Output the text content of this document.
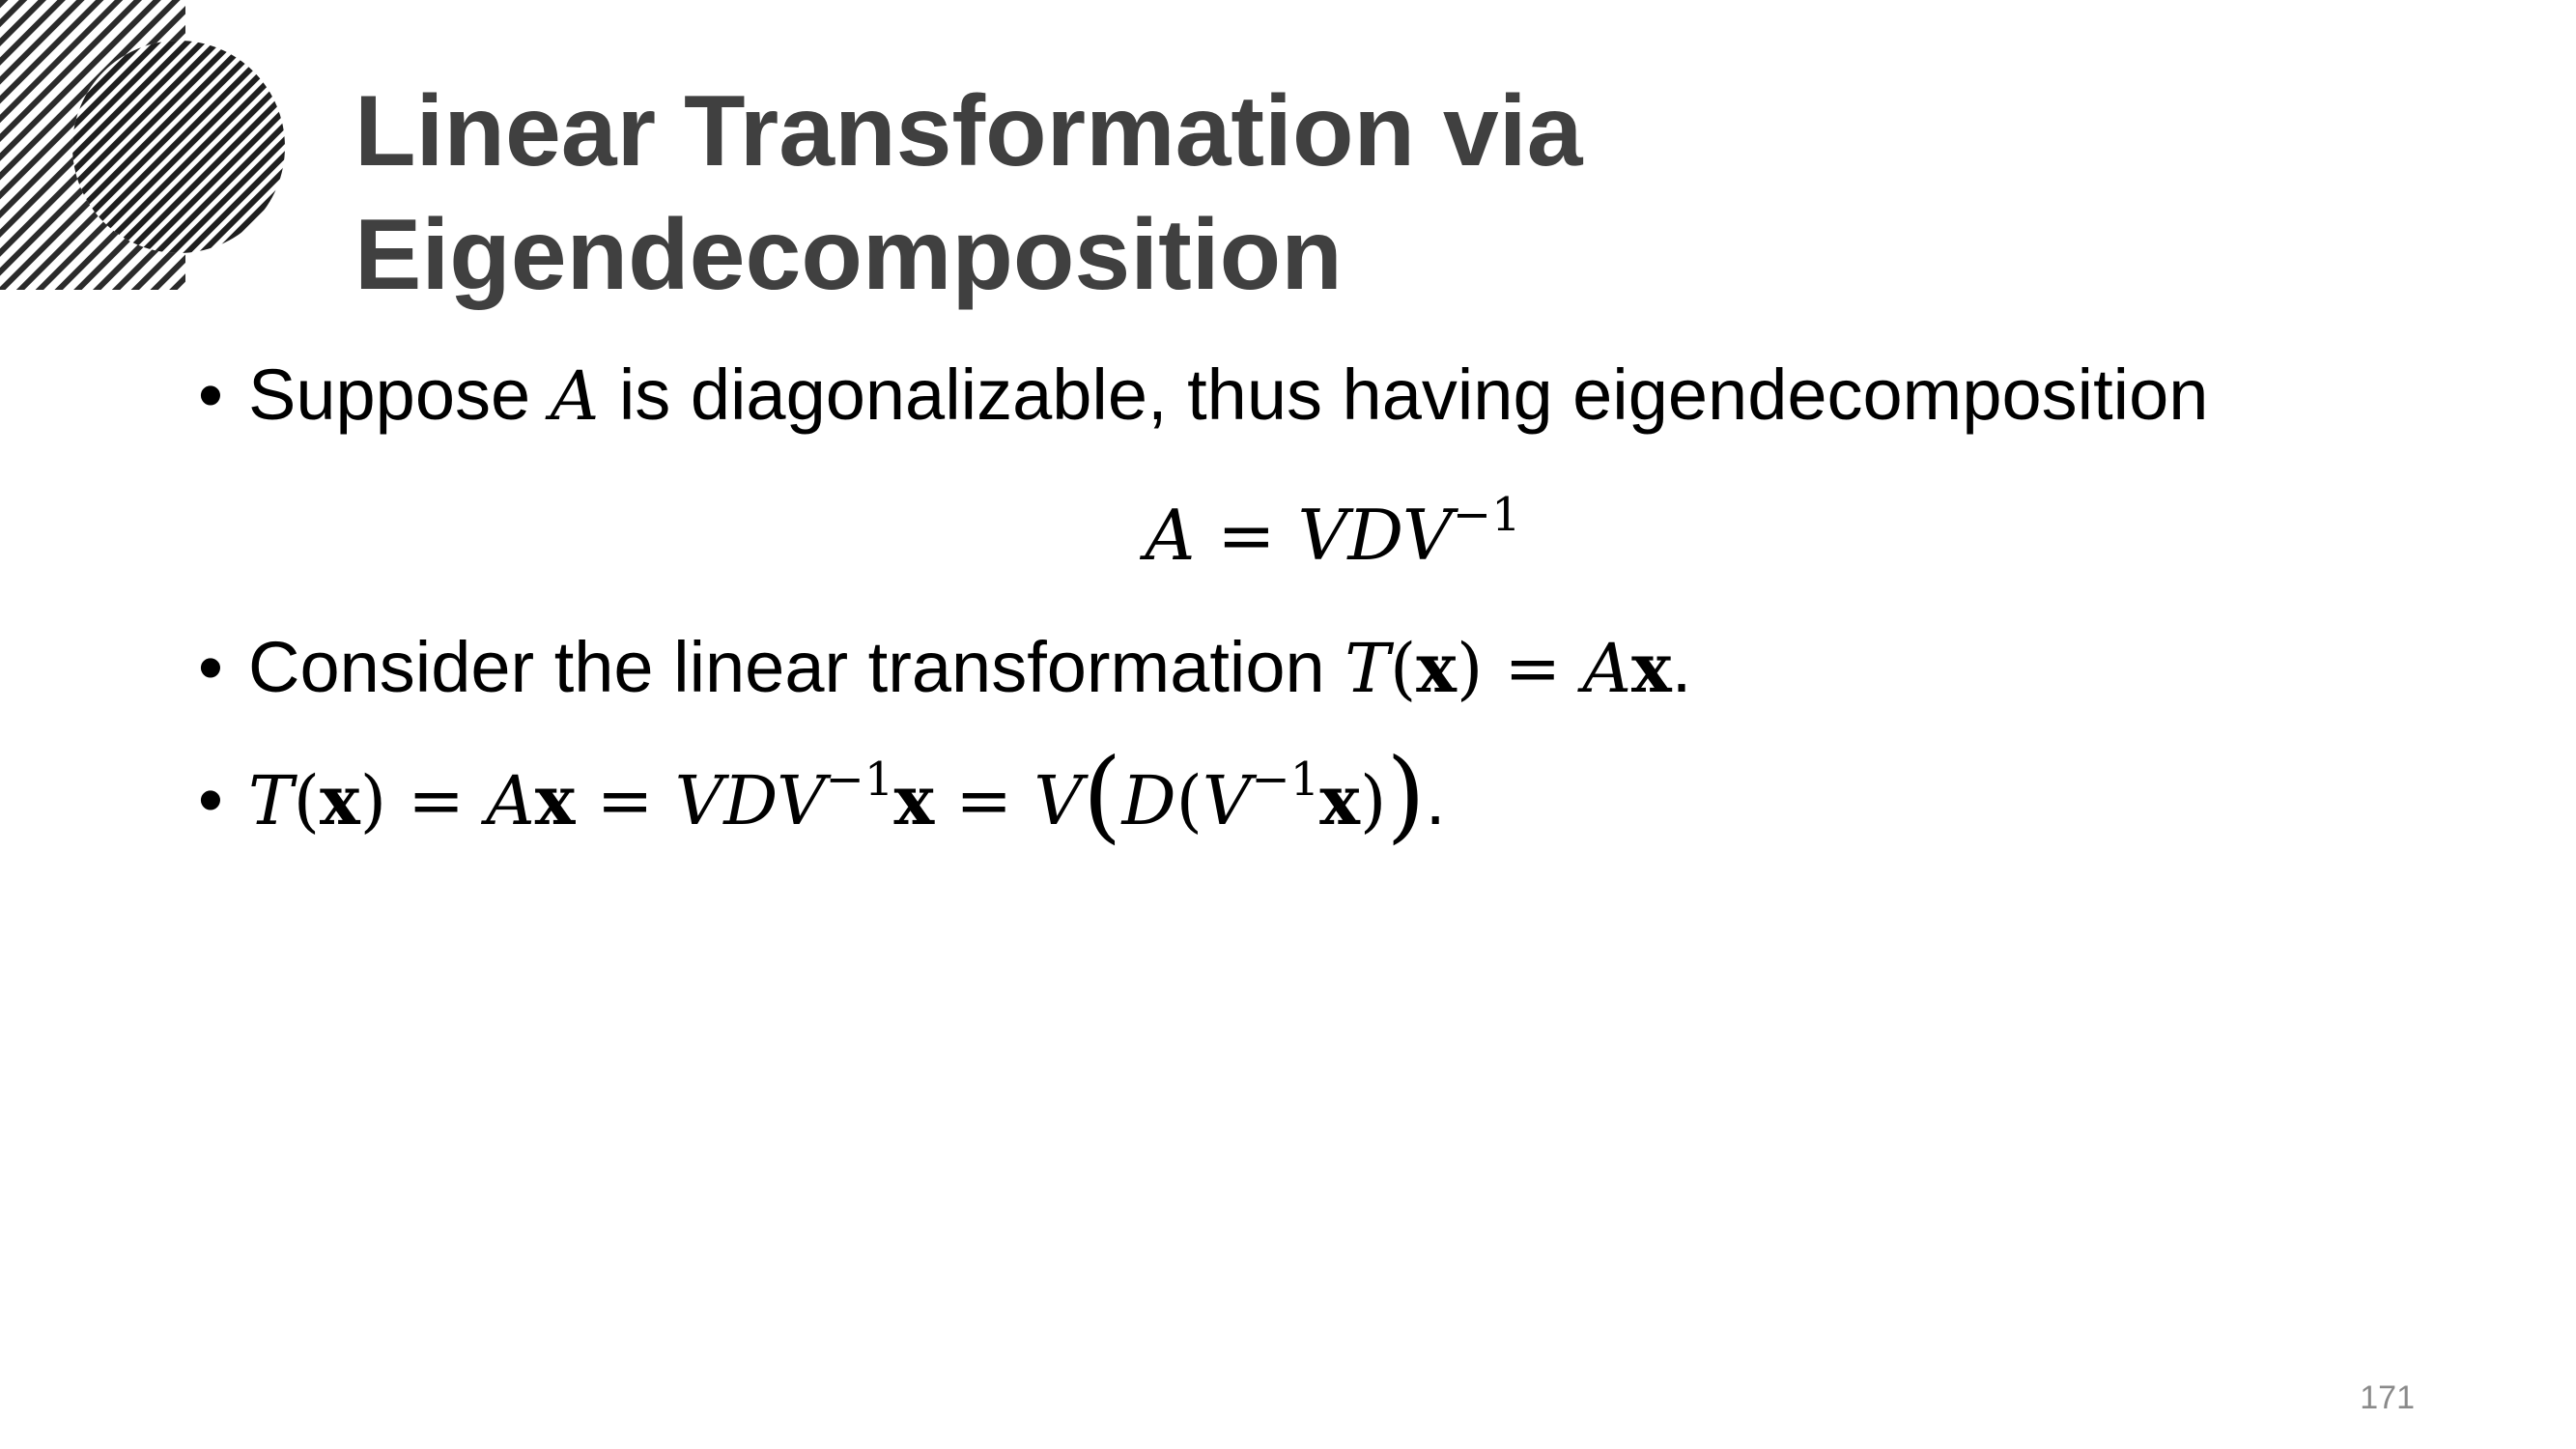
Linear Transformation via Eigendecomposition
• Suppose A is diagonalizable, thus having eigendecomposition
$A = VDV^{-1}$
• Consider the linear transformation T(x) = Ax.
• $T(x) = Ax = VDV^{-1}x = V(D(V^{-1}x))$.
171
